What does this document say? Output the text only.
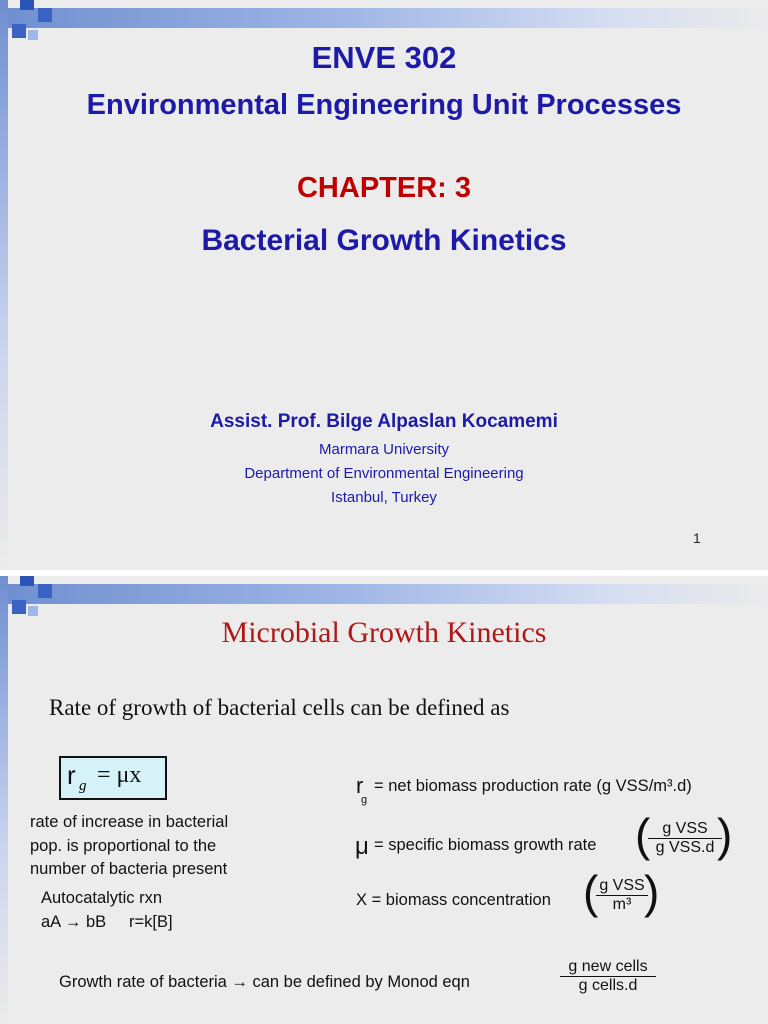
ENVE 302
Environmental Engineering Unit Processes
CHAPTER: 3
Bacterial Growth Kinetics
Assist. Prof. Bilge Alpaslan Kocamemi
Marmara University
Department of Environmental Engineering
Istanbul, Turkey
1
Microbial Growth Kinetics
Rate of growth of bacterial cells can be defined as
r g = μx
rate of increase in bacterial
pop. is proportional to the
number of bacteria present
Autocatalytic rxn
aA → bB     r=k[B]
r
g
= net biomass production rate (g VSS/m³.d)
μ = specific biomass growth rate ( g VSS
g VSS.d )
X = biomass concentration ( g VSS
m³ )
Growth rate of bacteria → can be defined by Monod eqn
g new cells
g cells.d
